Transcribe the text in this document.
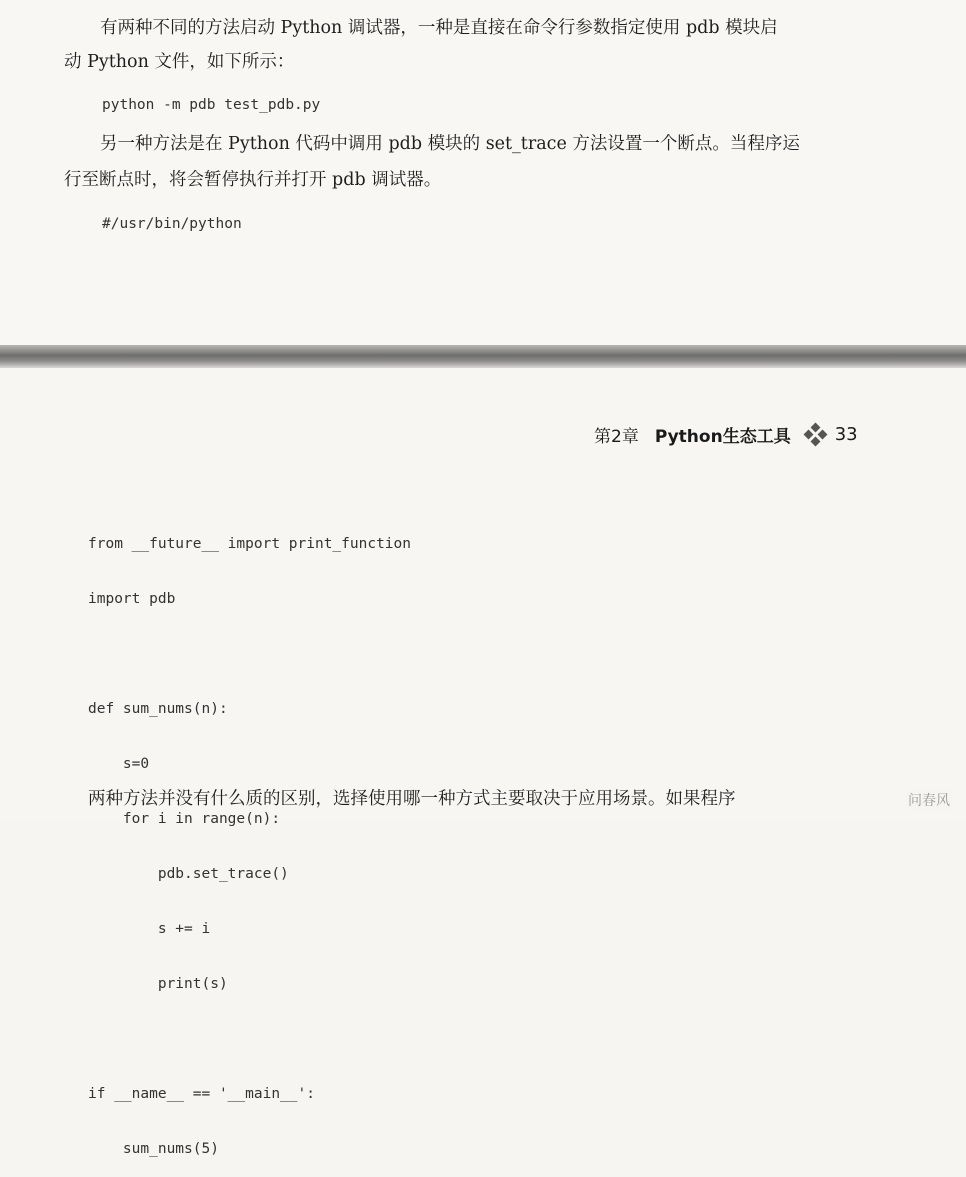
有两种不同的方法启动 Python 调试器，一种是直接在命令行参数指定使用 pdb 模块启

动 Python 文件，如下所示：

python -m pdb test_pdb.py

另一种方法是在 Python 代码中调用 pdb 模块的 set_trace 方法设置一个断点。当程序运

行至断点时，将会暂停执行并打开 pdb 调试器。

#/usr/bin/python
第2章 Python生态工具 33

from __future__ import print_function

import pdb

def sum_nums(n):

s=0

for i in range(n):

pdb.set_trace()

s += i

print(s)

if __name__ == '__main__':

sum_nums(5)

两种方法并没有什么质的区别，选择使用哪一种方式主要取决于应用场景。如果程序	问春风
